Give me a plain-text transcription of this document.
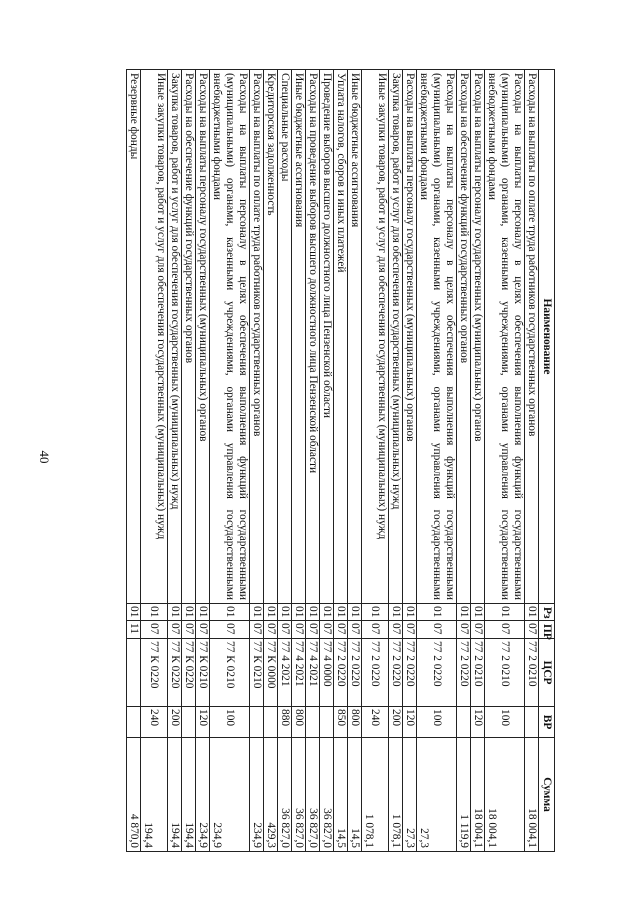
40
Наименование	Рз	ПР	ЦСР	ВР	Сумма
Расходы на выплаты по оплате труда работников государственных органов	01	07	77 2 0210		18 004,1
Расходы на выплаты персоналу в целях обеспечения выполнения функций государственными (муниципальными) органами, казенными учреждениями, органами управления государственными внебюджетными фондами	01	07	77 2 0210	100	18 004,1
Расходы на выплаты персоналу государственных (муниципальных) органов	01	07	77 2 0210	120	18 004,1
Расходы на обеспечение функций государственных органов	01	07	77 2 0220		1 119,9
Расходы на выплаты персоналу в целях обеспечения выполнения функций государственными (муниципальными) органами, казенными учреждениями, органами управления государственными внебюджетными фондами	01	07	77 2 0220	100	27,3
Расходы на выплаты персоналу государственных (муниципальных) органов	01	07	77 2 0220	120	27,3
Закупка товаров, работ и услуг для обеспечения государственных (муниципальных) нужд	01	07	77 2 0220	200	1 078,1
Иные закупки товаров, работ и услуг для обеспечения государственных (муниципальных) нужд	01	07	77 2 0220	240	1 078,1
Иные бюджетные ассигнования	01	07	77 2 0220	800	14,5
Уплата налогов, сборов и иных платежей	01	07	77 2 0220	850	14,5
Проведение выборов высшего должностного лица Пензенской области	01	07	77 4 0000		36 827,0
Расходы на проведение выборов высшего должностного лица Пензенской области	01	07	77 4 2021		36 827,0
Иные бюджетные ассигнования	01	07	77 4 2021	800	36 827,0
Специальные расходы	01	07	77 4 2021	880	36 827,0
Кредиторская задолженность	01	07	77 К 0000		429,3
Расходы на выплаты по оплате труда работников государственных органов	01	07	77 К 0210		234,9
Расходы на выплаты персоналу в целях обеспечения выполнения функций государственными (муниципальными) органами, казенными учреждениями, органами управления государственными внебюджетными фондами	01	07	77 К 0210	100	234,9
Расходы на выплаты персоналу государственных (муниципальных) органов	01	07	77 К 0210	120	234,9
Расходы на обеспечение функций государственных органов	01	07	77 К 0220		194,4
Закупка товаров, работ и услуг для обеспечения государственных (муниципальных) нужд	01	07	77 К 0220	200	194,4
Иные закупки товаров, работ и услуг для обеспечения государственных (муниципальных) нужд	01	07	77 К 0220	240	194,4
Резервные фонды	01	11			4 870,0
